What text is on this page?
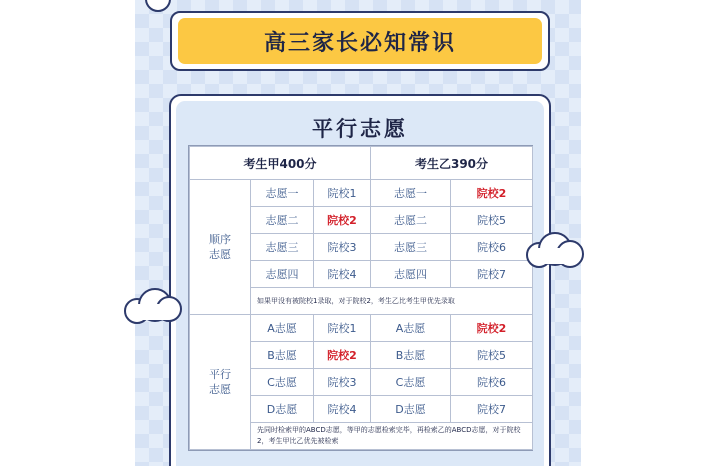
高三家长必知常识
平行志愿
考生甲400分			考生乙390分	
顺序
志愿	志愿一	院校1	志愿一	院校2
	志愿二	院校2	志愿二	院校5
	志愿三	院校3	志愿三	院校6
	志愿四	院校4	志愿四	院校7
	如果甲没有被院校1录取，对于院校2，考生乙比考生甲优先录取			
平行
志愿	A志愿	院校1	A志愿	院校2
	B志愿	院校2	B志愿	院校5
	C志愿	院校3	C志愿	院校6
	D志愿	院校4	D志愿	院校7
	先同时检索甲的ABCD志愿，等甲的志愿检索完毕，再检索乙的ABCD志愿，对于院校2，考生甲比乙优先被检索			
